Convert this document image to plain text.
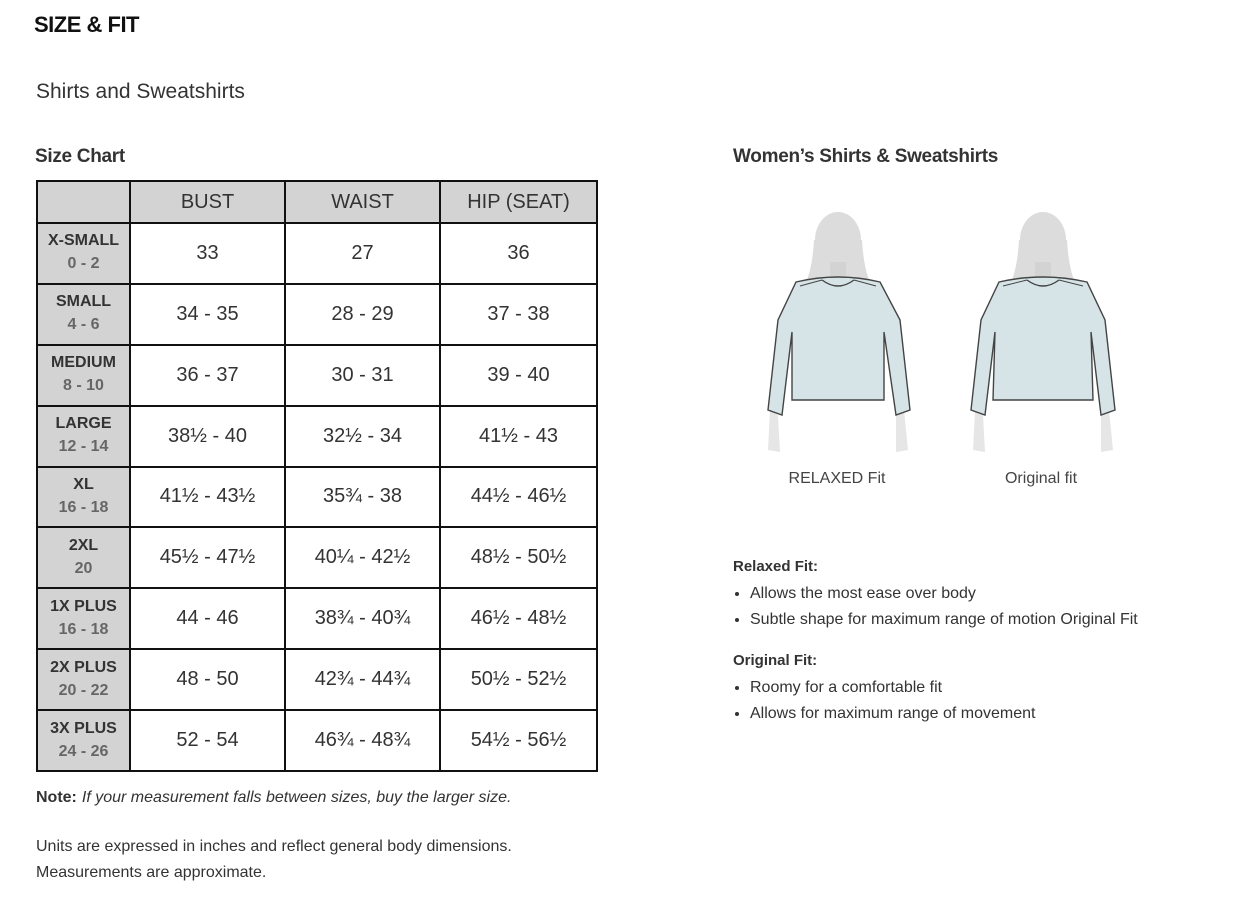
SIZE & FIT
Shirts and Sweatshirts
Size Chart	Women’s Shirts & Sweatshirts
	BUST	WAIST	HIP (SEAT)

X-SMALL
0 - 2	33	27	36

SMALL
4 - 6	34 - 35	28 - 29	37 - 38

MEDIUM
8 - 10	36 - 37	30 - 31	39 - 40

LARGE
12 - 14	38½ - 40	32½ - 34	41½ - 43

XL
16 - 18	41½ - 43½	35¾ - 38	44½ - 46½

2XL
20	45½ - 47½	40¼ - 42½	48½ - 50½

1X PLUS
16 - 18	44 - 46	38¾ - 40¾	46½ - 48½

2X PLUS
20 - 22	48 - 50	42¾ - 44¾	50½ - 52½

3X PLUS
24 - 26	52 - 54	46¾ - 48¾	54½ - 56½
Note: If your measurement falls between sizes, buy the larger size.
Units are expressed in inches and reflect general body dimensions.
Measurements are approximate.
RELAXED Fit	Original fit
Relaxed Fit:
• Allows the most ease over body
• Subtle shape for maximum range of motion Original Fit
Original Fit:
• Roomy for a comfortable fit
• Allows for maximum range of movement
